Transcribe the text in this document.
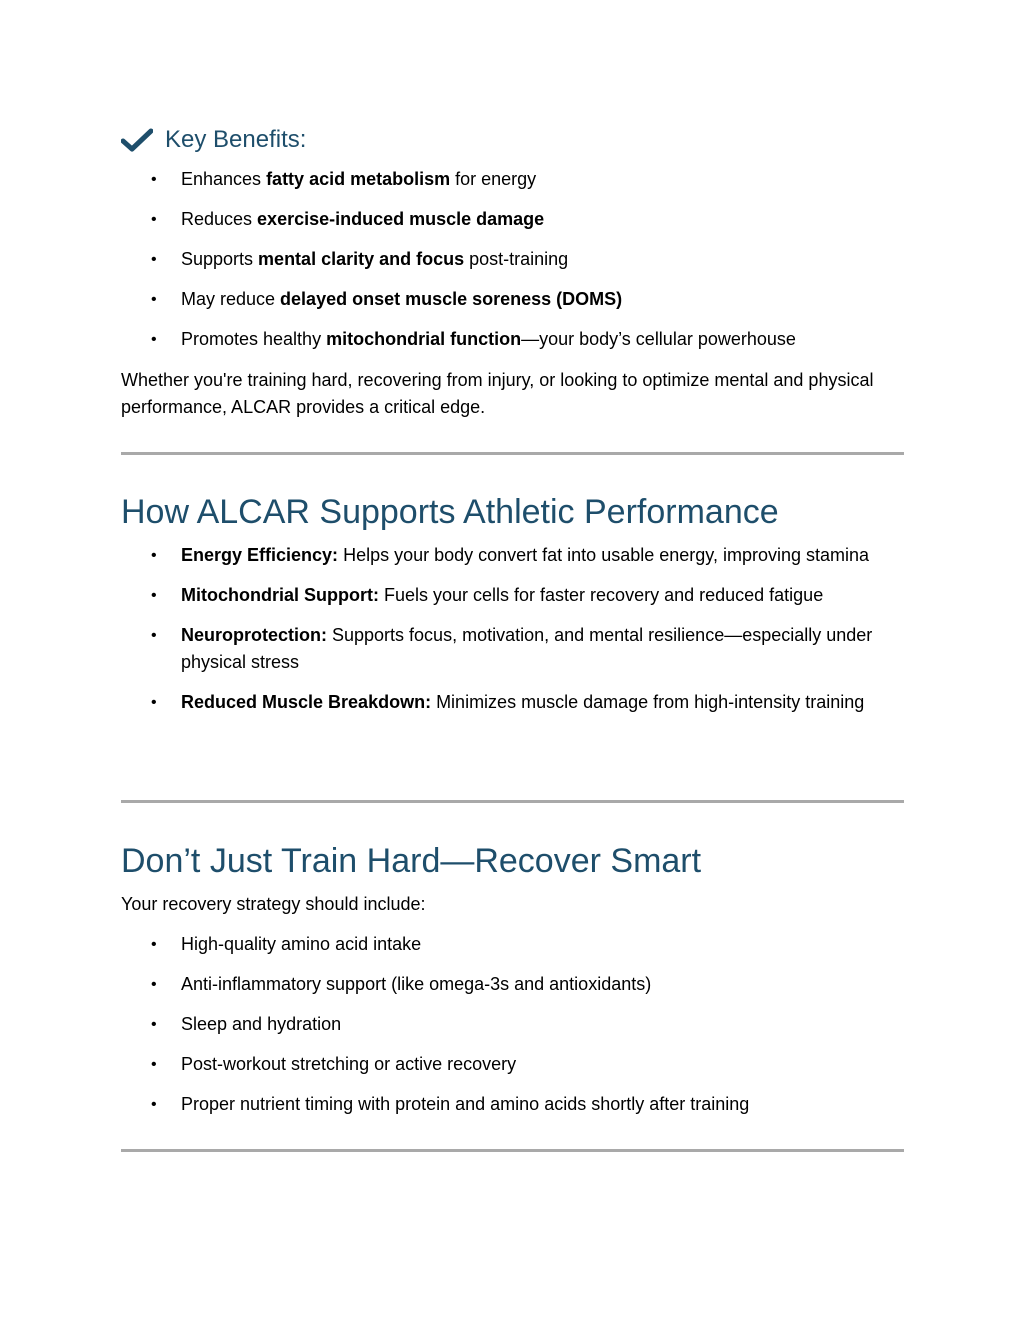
Key Benefits:
• Enhances fatty acid metabolism for energy
• Reduces exercise-induced muscle damage
• Supports mental clarity and focus post-training
• May reduce delayed onset muscle soreness (DOMS)
• Promotes healthy mitochondrial function—your body’s cellular powerhouse

Whether you're training hard, recovering from injury, or looking to optimize mental and physical performance, ALCAR provides a critical edge.

How ALCAR Supports Athletic Performance
• Energy Efficiency: Helps your body convert fat into usable energy, improving stamina
• Mitochondrial Support: Fuels your cells for faster recovery and reduced fatigue
• Neuroprotection: Supports focus, motivation, and mental resilience—especially under physical stress
• Reduced Muscle Breakdown: Minimizes muscle damage from high-intensity training
Don’t Just Train Hard—Recover Smart

Your recovery strategy should include:

• High-quality amino acid intake
• Anti-inflammatory support (like omega-3s and antioxidants)
• Sleep and hydration
• Post-workout stretching or active recovery
• Proper nutrient timing with protein and amino acids shortly after training
